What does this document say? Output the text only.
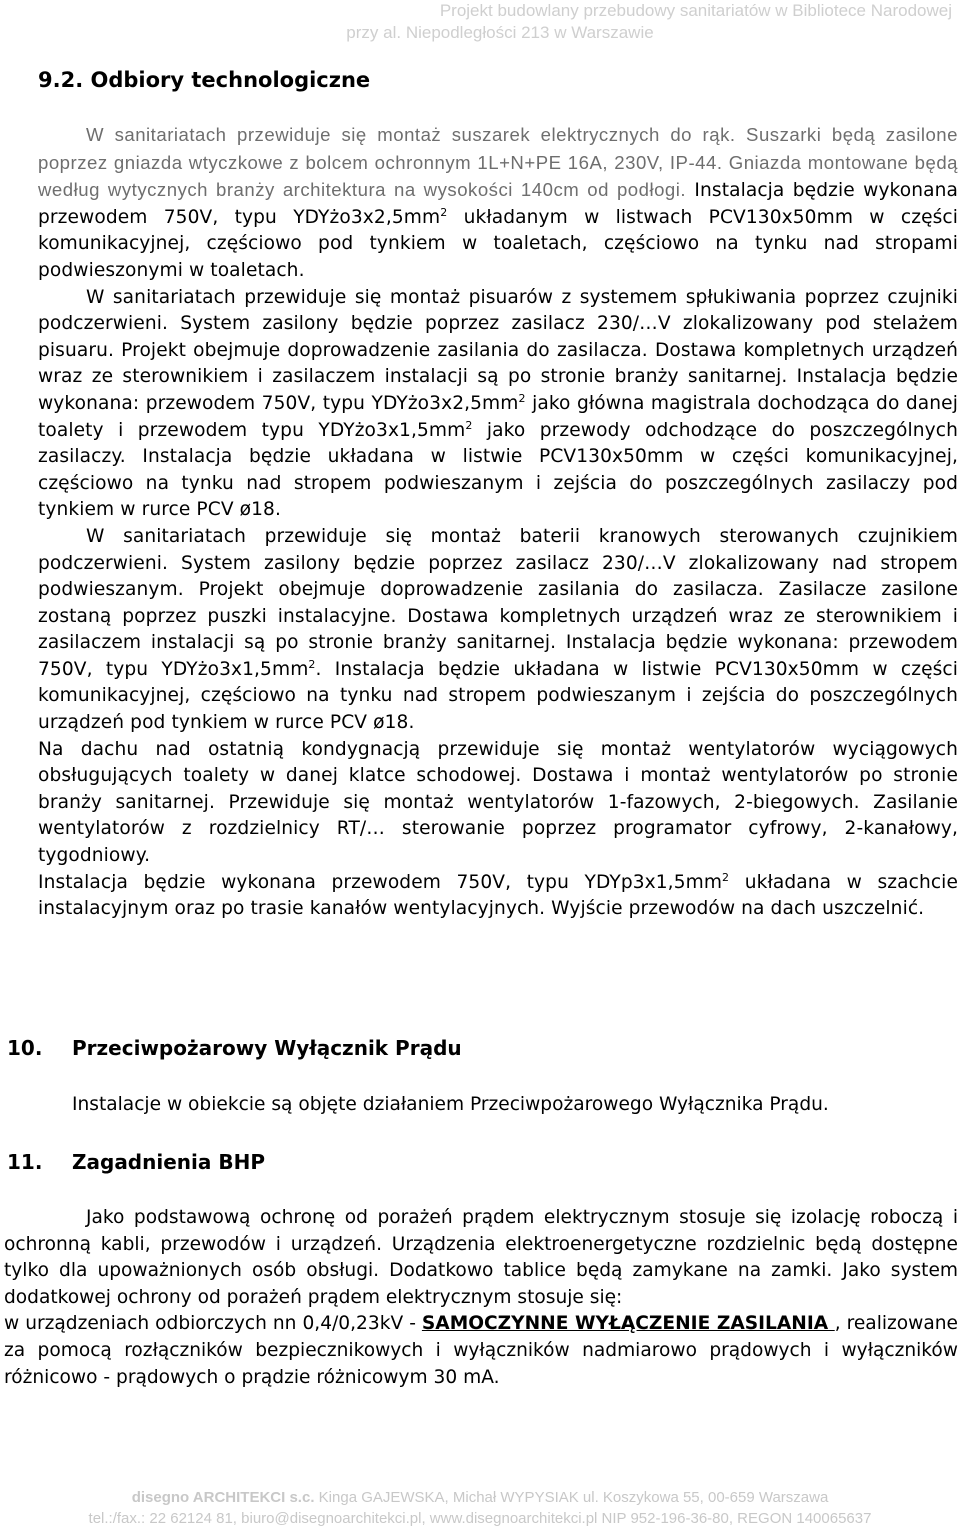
Projekt budowlany przebudowy sanitariatów w Bibliotece Narodowej
przy al. Niepodległości 213 w Warszawie
9.2. Odbiory technologiczne

W sanitariatach przewiduje się montaż suszarek elektrycznych do rąk. Suszarki będą zasilone poprzez gniazda wtyczkowe z bolcem ochronnym 1L+N+PE 16A, 230V, IP-44. Gniazda montowane będą według wytycznych branży architektura na wysokości 140cm od podłogi. Instalacja będzie wykonana przewodem 750V, typu $YDYżo3x2,5mm^2$ układanym w listwach PCV130x50mm w części komunikacyjnej, częściowo pod tynkiem w toaletach, częściowo na tynku nad stropami podwieszonymi w toaletach.

W sanitariatach przewiduje się montaż pisuarów z systemem spłukiwania poprzez czujniki podczerwieni. System zasilony będzie poprzez zasilacz 230/…V zlokalizowany pod stelażem pisuaru. Projekt obejmuje doprowadzenie zasilania do zasilacza. Dostawa kompletnych urządzeń wraz ze sterownikiem i zasilaczem instalacji są po stronie branży sanitarnej. Instalacja będzie wykonana: przewodem 750V, typu $YDYżo3x2,5mm^2$ jako główna magistrala dochodząca do danej toalety i przewodem typu $YDYżo3x1,5mm^2$ jako przewody odchodzące do poszczególnych zasilaczy. Instalacja będzie układana w listwie PCV130x50mm w części komunikacyjnej, częściowo na tynku nad stropem podwieszanym i zejścia do poszczególnych zasilaczy pod tynkiem w rurce PCV ø18.

W sanitariatach przewiduje się montaż baterii kranowych sterowanych czujnikiem podczerwieni. System zasilony będzie poprzez zasilacz 230/…V zlokalizowany nad stropem podwieszanym. Projekt obejmuje doprowadzenie zasilania do zasilacza. Zasilacze zasilone zostaną poprzez puszki instalacyjne. Dostawa kompletnych urządzeń wraz ze sterownikiem i zasilaczem instalacji są po stronie branży sanitarnej. Instalacja będzie wykonana: przewodem 750V, typu $YDYżo3x1,5mm^2$. Instalacja będzie układana w listwie PCV130x50mm w części komunikacyjnej, częściowo na tynku nad stropem podwieszanym i zejścia do poszczególnych urządzeń pod tynkiem w rurce PCV ø18.

Na dachu nad ostatnią kondygnacją przewiduje się montaż wentylatorów wyciągowych obsługujących toalety w danej klatce schodowej. Dostawa i montaż wentylatorów po stronie branży sanitarnej. Przewiduje się montaż wentylatorów 1-fazowych, 2-biegowych. Zasilanie wentylatorów z rozdzielnicy RT/… sterowanie poprzez programator cyfrowy, 2-kanałowy, tygodniowy.

Instalacja będzie wykonana przewodem 750V, typu $YDYp3x1,5mm^2$ układana w szachcie instalacyjnym oraz po trasie kanałów wentylacyjnych. Wyjście przewodów na dach uszczelnić.

10. Przeciwpożarowy Wyłącznik Prądu
Instalacje w obiekcie są objęte działaniem Przeciwpożarowego Wyłącznika Prądu.
11. Zagadnienia BHP

Jako podstawową ochronę od porażeń prądem elektrycznym stosuje się izolację roboczą i ochronną kabli, przewodów i urządzeń. Urządzenia elektroenergetyczne rozdzielnic będą dostępne tylko dla upoważnionych osób obsługi. Dodatkowo tablice będą zamykane na zamki. Jako system dodatkowej ochrony od porażeń prądem elektrycznym stosuje się:

w urządzeniach odbiorczych nn 0,4/0,23kV - SAMOCZYNNE WYŁĄCZENIE ZASILANIA , realizowane za pomocą rozłączników bezpiecznikowych i wyłączników nadmiarowo prądowych i wyłączników różnicowo - prądowych o prądzie różnicowym 30 mA.

disegno ARCHITEKCI s.c. Kinga GAJEWSKA, Michał WYPYSIAK ul. Koszykowa 55, 00-659 Warszawa
tel.:/fax.: 22 62124 81, biuro@disegnoarchitekci.pl, www.disegnoarchitekci.pl NIP 952-196-36-80, REGON 140065637
